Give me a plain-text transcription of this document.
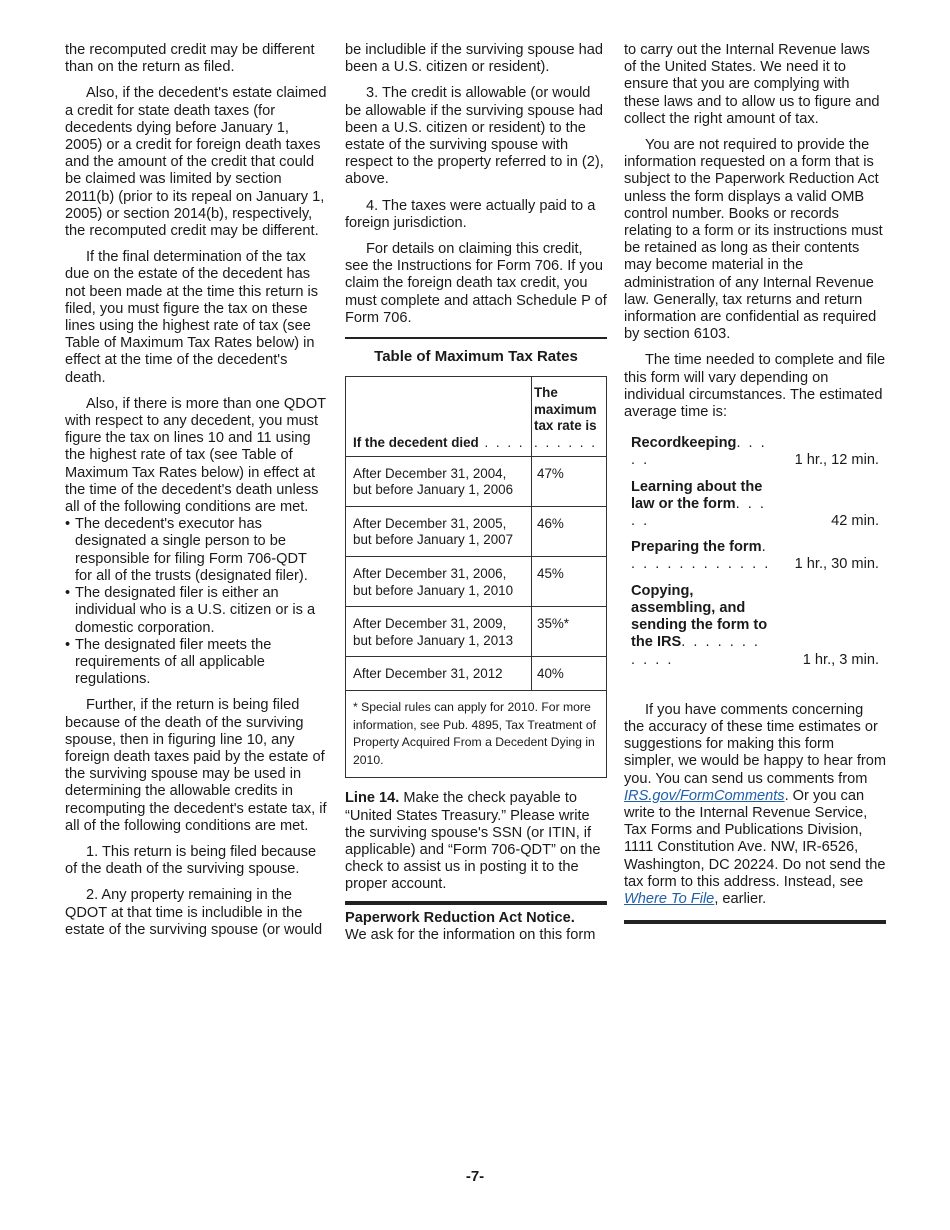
the recomputed credit may be different than on the return as filed.

Also, if the decedent's estate claimed a credit for state death taxes (for decedents dying before January 1, 2005) or a credit for foreign death taxes and the amount of the credit that could be claimed was limited by section 2011(b) (prior to its repeal on January 1, 2005) or section 2014(b), respectively, the recomputed credit may be different.

If the final determination of the tax due on the estate of the decedent has not been made at the time this return is filed, you must figure the tax on these lines using the highest rate of tax (see Table of Maximum Tax Rates below) in effect at the time of the decedent's death.

Also, if there is more than one QDOT with respect to any decedent, you must figure the tax on lines 10 and 11 using the highest rate of tax (see Table of Maximum Tax Rates below) in effect at the time of the decedent's death unless all of the following conditions are met.

• The decedent's executor has designated a single person to be responsible for filing Form 706-QDT for all of the trusts (designated filer).
• The designated filer is either an individual who is a U.S. citizen or is a domestic corporation.
• The designated filer meets the requirements of all applicable regulations.

Further, if the return is being filed because of the death of the surviving spouse, then in figuring line 10, any foreign death taxes paid by the estate of the surviving spouse may be used in determining the allowable credits in recomputing the decedent's estate tax, if all of the following conditions are met.

1. This return is being filed because of the death of the surviving spouse.

2. Any property remaining in the QDOT at that time is includible in the estate of the surviving spouse (or would

be includible if the surviving spouse had been a U.S. citizen or resident).

3. The credit is allowable (or would be allowable if the surviving spouse had been a U.S. citizen or resident) to the estate of the surviving spouse with respect to the property referred to in (2), above.

4. The taxes were actually paid to a foreign jurisdiction.

For details on claiming this credit, see the Instructions for Form 706. If you claim the foreign death tax credit, you must complete and attach Schedule P of Form 706.

Table of Maximum Tax Rates
If the decedent died . . . .	The maximum tax rate is . . . . . .
After December 31, 2004, but before January 1, 2006	47%
After December 31, 2005, but before January 1, 2007	46%
After December 31, 2006, but before January 1, 2010	45%
After December 31, 2009, but before January 1, 2013	35%*
After December 31, 2012	40%
* Special rules can apply for 2010. For more information, see Pub. 4895, Tax Treatment of Property Acquired From a Decedent Dying in 2010.

Line 14. Make the check payable to “United States Treasury.” Please write the surviving spouse's SSN (or ITIN, if applicable) and “Form 706-QDT” on the check to assist us in posting it to the proper account.

Paperwork Reduction Act Notice.

We ask for the information on this form

to carry out the Internal Revenue laws of the United States. We need it to ensure that you are complying with these laws and to allow us to figure and collect the right amount of tax.

You are not required to provide the information requested on a form that is subject to the Paperwork Reduction Act unless the form displays a valid OMB control number. Books or records relating to a form or its instructions must be retained as long as their contents may become material in the administration of any Internal Revenue law. Generally, tax returns and return information are confidential as required by section 6103.

The time needed to complete and file this form will vary depending on individual circumstances. The estimated average time is:

Recordkeeping. . . . .	1 hr., 12 min.
Learning about the law or the form. . . . .	42 min.
Preparing the form. . . . . . . . . . . . . 1 hr., 30 min.
Copying, assembling, and sending the form to the IRS. . . . . . . . . . .	1 hr., 3 min.

If you have comments concerning the accuracy of these time estimates or suggestions for making this form simpler, we would be happy to hear from you. You can send us comments from IRS.gov/FormComments. Or you can write to the Internal Revenue Service, Tax Forms and Publications Division, 1111 Constitution Ave. NW, IR-6526, Washington, DC 20224. Do not send the tax form to this address. Instead, see Where To File, earlier.

-7-
